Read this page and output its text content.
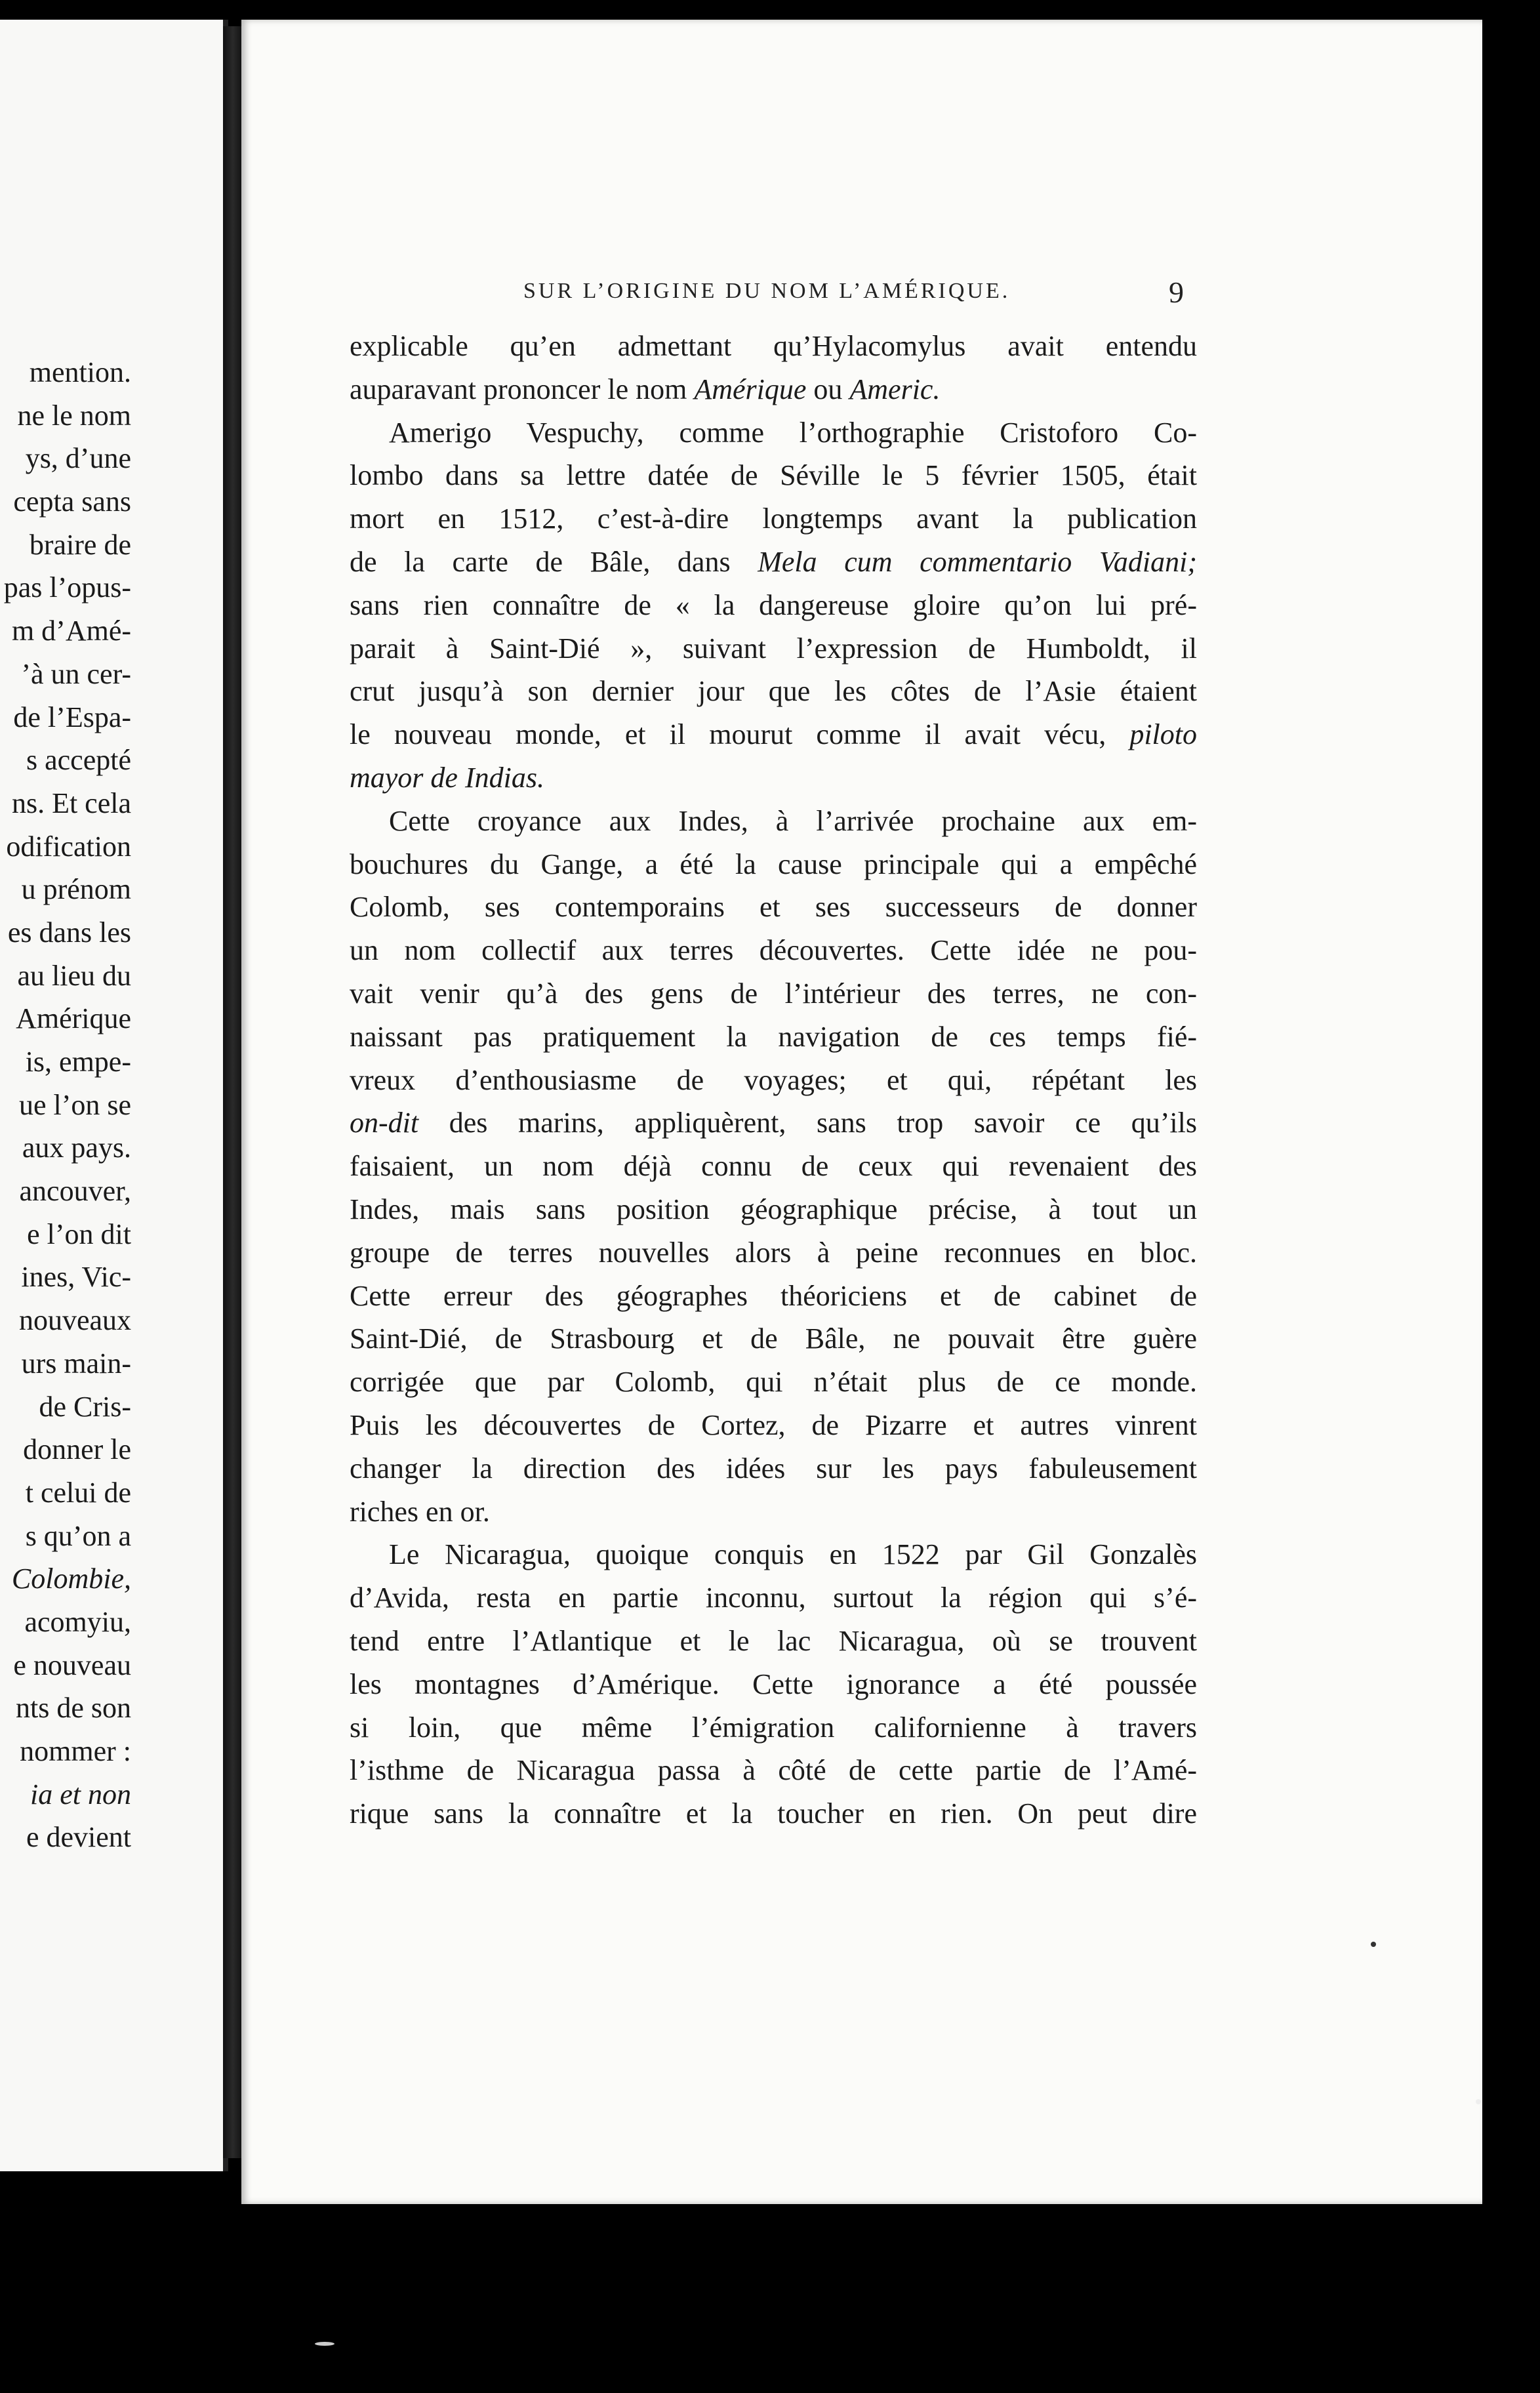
mention.
ne le nom
ys, d’une
cepta sans
braire de
pas l’opus-
m d’Amé-
’à un cer-
de l’Espa-
s accepté
ns. Et cela
odification
u prénom
es dans les
au lieu du
Amérique
is, empe-
ue l’on se
aux pays.
ancouver,
e l’on dit
ines, Vic-
nouveaux
urs main-
de Cris-
donner le
t celui de
s qu’on a
Colombie,
acomyiu,
e nouveau
nts de son
nommer :
ia et non
e devient
SUR L’ORIGINE DU NOM L’AMÉRIQUE.	9
explicable qu’en admettant qu’Hylacomylus avait entendu
auparavant prononcer le nom Amérique ou Americ.
Amerigo Vespuchy, comme l’orthographie Cristoforo Co-
lombo dans sa lettre datée de Séville le 5 février 1505, était
mort en 1512, c’est-à-dire longtemps avant la publication
de la carte de Bâle, dans Mela cum commentario Vadiani;
sans rien connaître de « la dangereuse gloire qu’on lui pré-
parait à Saint-Dié », suivant l’expression de Humboldt, il
crut jusqu’à son dernier jour que les côtes de l’Asie étaient
le nouveau monde, et il mourut comme il avait vécu, piloto
mayor de Indias.
Cette croyance aux Indes, à l’arrivée prochaine aux em-
bouchures du Gange, a été la cause principale qui a empêché
Colomb, ses contemporains et ses successeurs de donner
un nom collectif aux terres découvertes. Cette idée ne pou-
vait venir qu’à des gens de l’intérieur des terres, ne con-
naissant pas pratiquement la navigation de ces temps fié-
vreux d’enthousiasme de voyages; et qui, répétant les
on-dit des marins, appliquèrent, sans trop savoir ce qu’ils
faisaient, un nom déjà connu de ceux qui revenaient des
Indes, mais sans position géographique précise, à tout un
groupe de terres nouvelles alors à peine reconnues en bloc.
Cette erreur des géographes théoriciens et de cabinet de
Saint-Dié, de Strasbourg et de Bâle, ne pouvait être guère
corrigée que par Colomb, qui n’était plus de ce monde.
Puis les découvertes de Cortez, de Pizarre et autres vinrent
changer la direction des idées sur les pays fabuleusement
riches en or.
Le Nicaragua, quoique conquis en 1522 par Gil Gonzalès
d’Avida, resta en partie inconnu, surtout la région qui s’é-
tend entre l’Atlantique et le lac Nicaragua, où se trouvent
les montagnes d’Amérique. Cette ignorance a été poussée
si loin, que même l’émigration californienne à travers
l’isthme de Nicaragua passa à côté de cette partie de l’Amé-
rique sans la connaître et la toucher en rien. On peut dire
